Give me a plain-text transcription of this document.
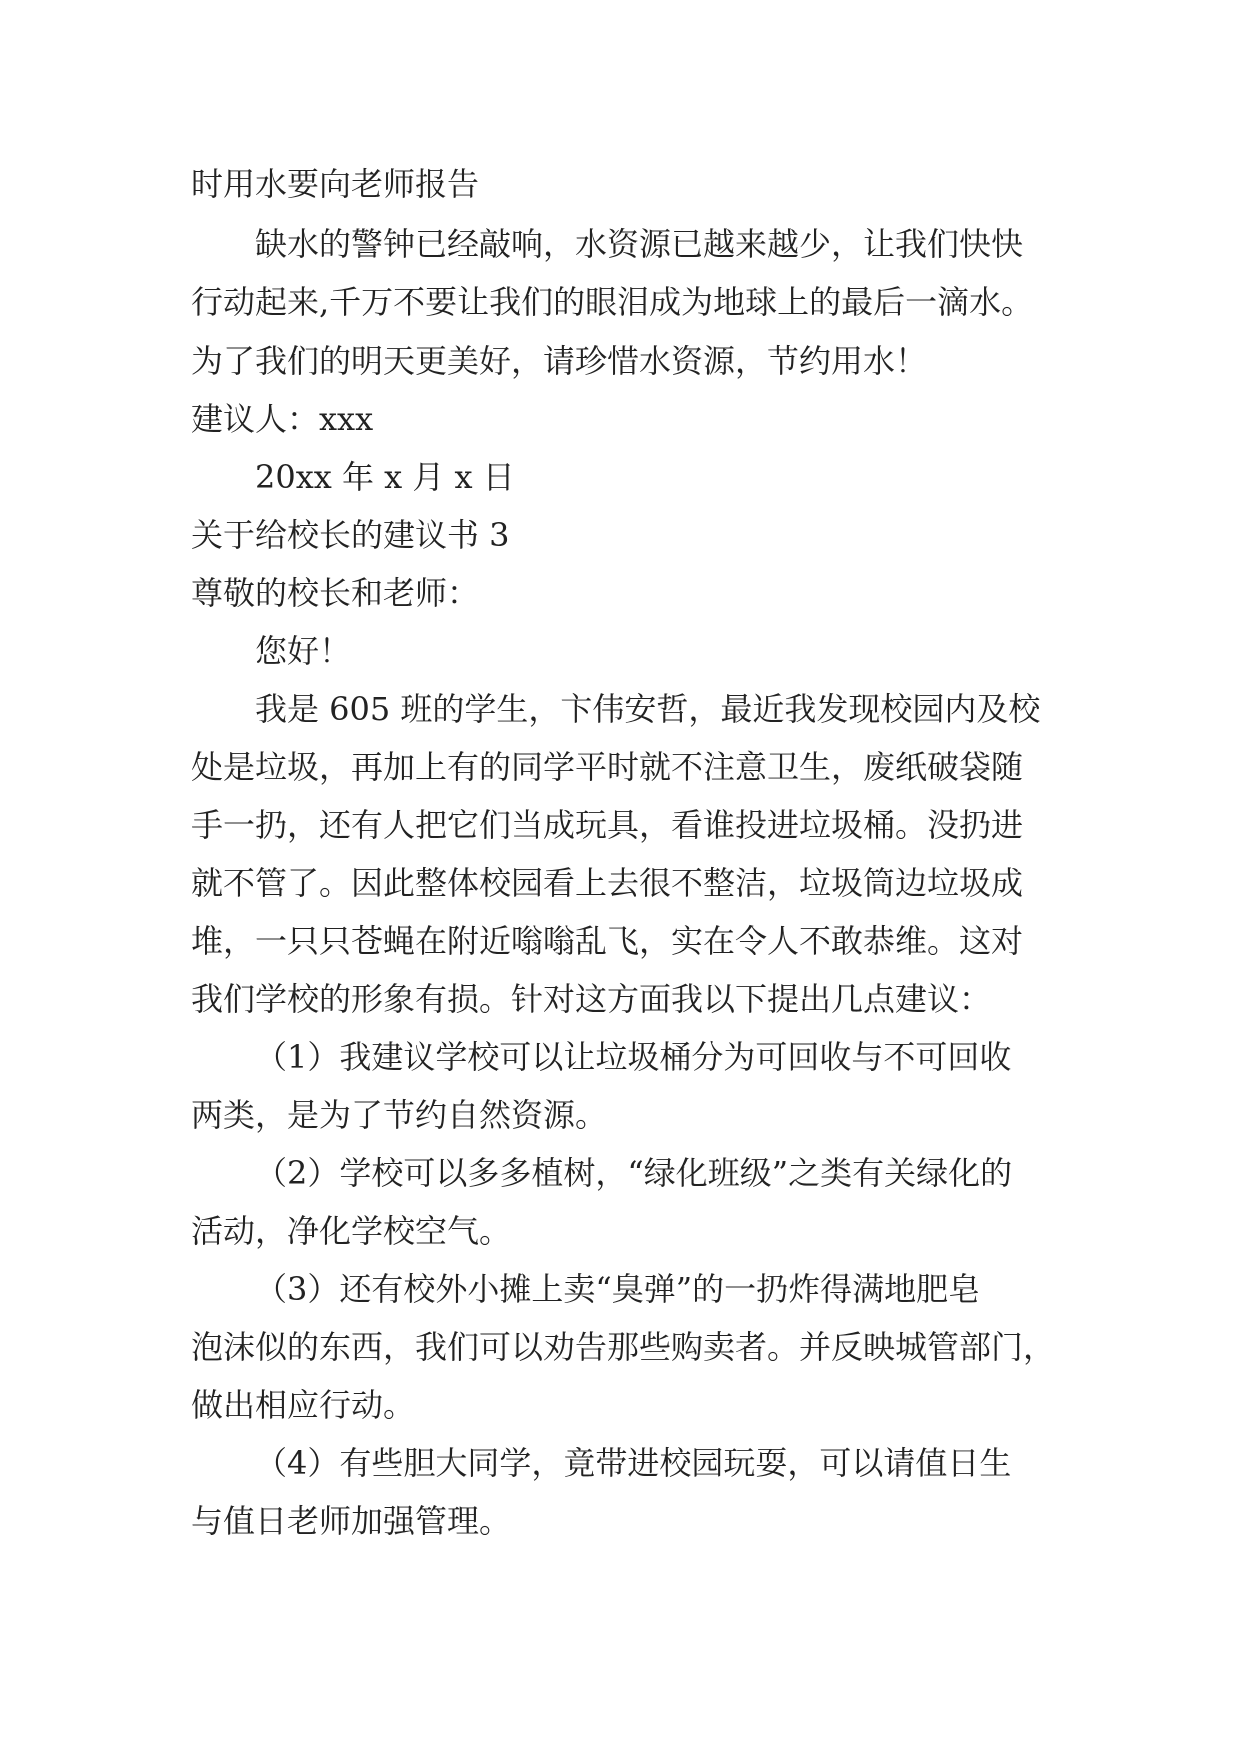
时用水要向老师报告
缺水的警钟已经敲响，水资源已越来越少，让我们快快
行动起来,千万不要让我们的眼泪成为地球上的最后一滴水。
为了我们的明天更美好，请珍惜水资源，节约用水！
建议人：xxx
20xx 年 x 月 x 日
关于给校长的建议书 3
尊敬的校长和老师：
您好！
我是 605 班的学生，卞伟安哲，最近我发现校园内及校
处是垃圾，再加上有的同学平时就不注意卫生，废纸破袋随
手一扔，还有人把它们当成玩具，看谁投进垃圾桶。没扔进
就不管了。因此整体校园看上去很不整洁，垃圾筒边垃圾成
堆，一只只苍蝇在附近嗡嗡乱飞，实在令人不敢恭维。这对
我们学校的形象有损。针对这方面我以下提出几点建议：
（1）我建议学校可以让垃圾桶分为可回收与不可回收
两类，是为了节约自然资源。
（2）学校可以多多植树，“绿化班级”之类有关绿化的
活动，净化学校空气。
（3）还有校外小摊上卖“臭弹”的一扔炸得满地肥皂
泡沫似的东西，我们可以劝告那些购卖者。并反映城管部门，
做出相应行动。
（4）有些胆大同学，竟带进校园玩耍，可以请值日生
与值日老师加强管理。
